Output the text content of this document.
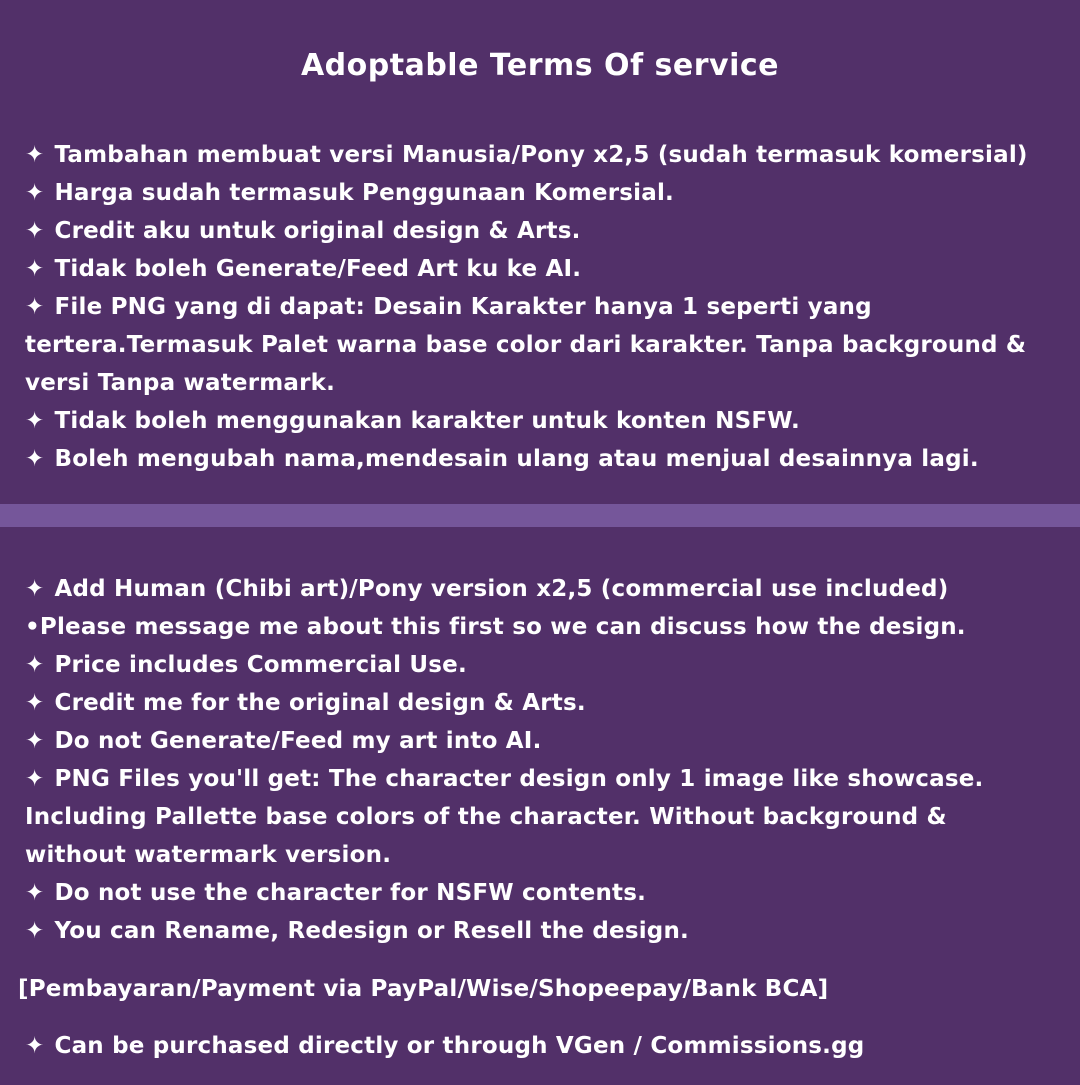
Adoptable Terms Of service
✦ Tambahan membuat versi Manusia/Pony x2,5 (sudah termasuk komersial)
✦ Harga sudah termasuk Penggunaan Komersial.
✦ Credit aku untuk original design & Arts.
✦ Tidak boleh Generate/Feed Art ku ke AI.
✦ File PNG yang di dapat: Desain Karakter hanya 1 seperti yang tertera.Termasuk Palet warna base color dari karakter. Tanpa background & versi Tanpa watermark.
✦ Tidak boleh menggunakan karakter untuk konten NSFW.
✦ Boleh mengubah nama,mendesain ulang atau menjual desainnya lagi.
✦ Add Human (Chibi art)/Pony version x2,5 (commercial use included)
•Please message me about this first so we can discuss how the design.
✦ Price includes Commercial Use.
✦ Credit me for the original design & Arts.
✦ Do not Generate/Feed my art into AI.
✦ PNG Files you'll get: The character design only 1 image like showcase. Including Pallette base colors of the character. Without background & without watermark version.
✦ Do not use the character for NSFW contents.
✦ You can Rename, Redesign or Resell the design.
[Pembayaran/Payment via PayPal/Wise/Shopeepay/Bank BCA]
✦ Can be purchased directly or through VGen / Commissions.gg
